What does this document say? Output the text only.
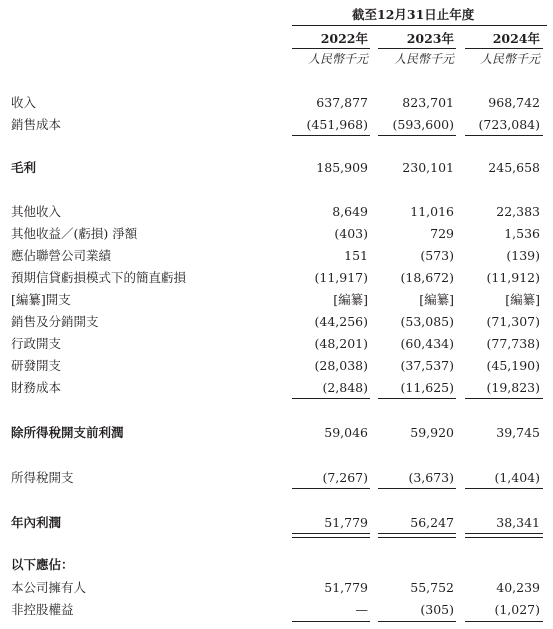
截至12月31日止年度
2022年	2023年	2024年
人民幣千元	人民幣千元	人民幣千元
收入	637,877	823,701	968,742
銷售成本	(451,968)	(593,600)	(723,084)
毛利	185,909	230,101	245,658
其他收入	8,649	11,016	22,383
其他收益／(虧損) 淨額	(403)	729	1,536
應佔聯營公司業績	151	(573)	(139)
預期信貸虧損模式下的簡直虧損	(11,917)	(18,672)	(11,912)
[編纂]開支	[編纂]	[編纂]	[編纂]
銷售及分銷開支	(44,256)	(53,085)	(71,307)
行政開支	(48,201)	(60,434)	(77,738)
研發開支	(28,038)	(37,537)	(45,190)
財務成本	(2,848)	(11,625)	(19,823)
除所得稅開支前利潤	59,046	59,920	39,745
所得稅開支	(7,267)	(3,673)	(1,404)
年內利潤	51,779	56,247	38,341
以下應佔：
本公司擁有人	51,779	55,752	40,239
非控股權益	—	(305)	(1,027)
